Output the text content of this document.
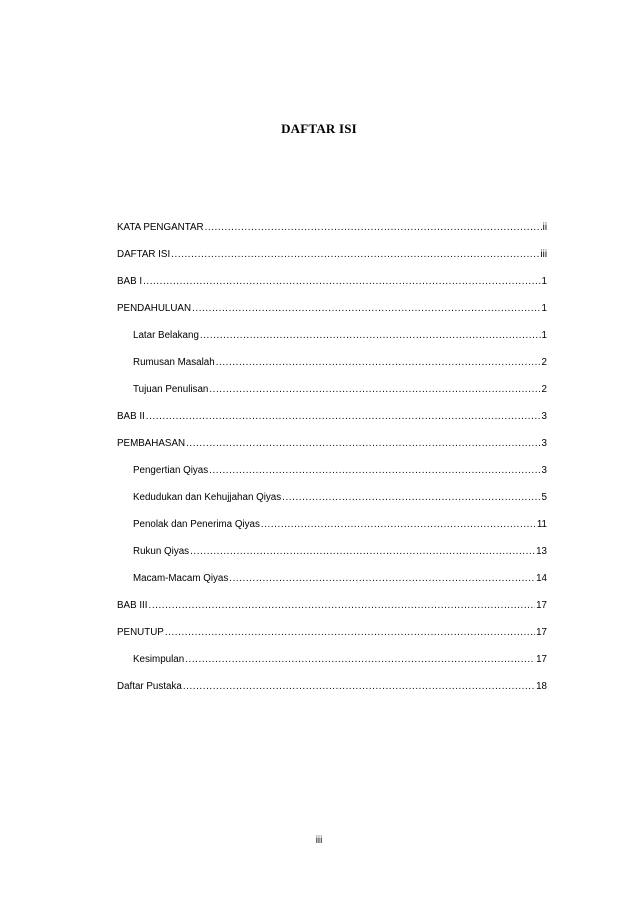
DAFTAR ISI
KATA PENGANTAR .....	ii
DAFTAR ISI .....	iii
BAB I .....	1
PENDAHULUAN .....	1
Latar Belakang .....	1
Rumusan Masalah .....	2
Tujuan Penulisan .....	2
BAB II .....	3
PEMBAHASAN .....	3
Pengertian Qiyas .....	3
Kedudukan dan Kehujjahan Qiyas .....	5
Penolak dan Penerima Qiyas .....	11
Rukun Qiyas .....	13
Macam-Macam Qiyas .....	14
BAB III .....	17
PENUTUP .....	17
Kesimpulan .....	17
Daftar Pustaka .....	18
iii
